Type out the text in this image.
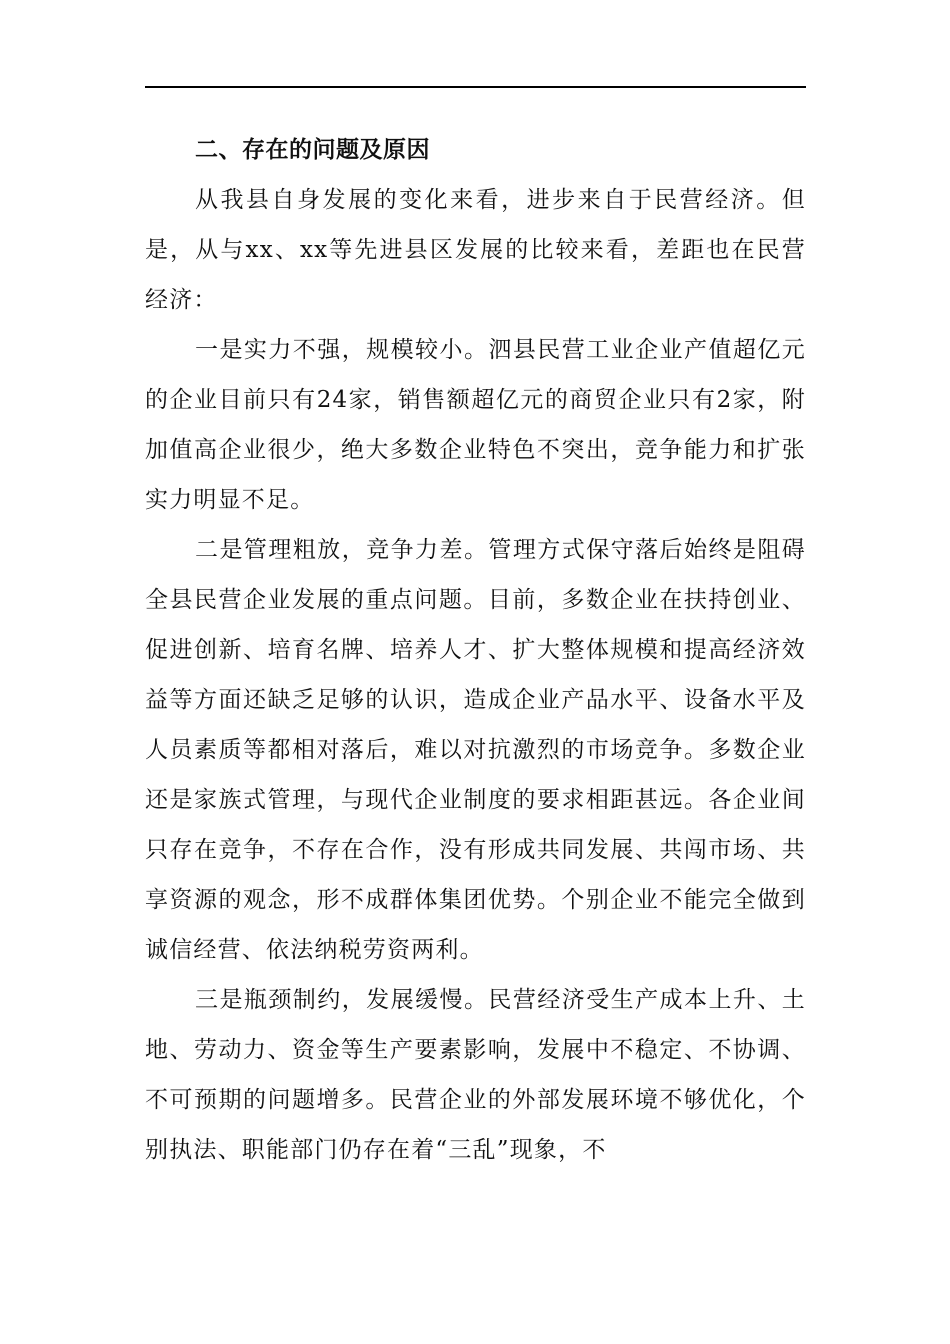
二、存在的问题及原因

从我县自身发展的变化来看，进步来自于民营经济。但是，从与xx、xx等先进县区发展的比较来看，差距也在民营经济：

一是实力不强，规模较小。泗县民营工业企业产值超亿元的企业目前只有24家，销售额超亿元的商贸企业只有2家，附加值高企业很少，绝大多数企业特色不突出，竞争能力和扩张实力明显不足。

二是管理粗放，竞争力差。管理方式保守落后始终是阻碍全县民营企业发展的重点问题。目前，多数企业在扶持创业、促进创新、培育名牌、培养人才、扩大整体规模和提高经济效益等方面还缺乏足够的认识，造成企业产品水平、设备水平及人员素质等都相对落后，难以对抗激烈的市场竞争。多数企业还是家族式管理，与现代企业制度的要求相距甚远。各企业间只存在竞争，不存在合作，没有形成共同发展、共闯市场、共享资源的观念，形不成群体集团优势。个别企业不能完全做到诚信经营、依法纳税劳资两利。

三是瓶颈制约，发展缓慢。民营经济受生产成本上升、土地、劳动力、资金等生产要素影响，发展中不稳定、不协调、不可预期的问题增多。民营企业的外部发展环境不够优化，个别执法、职能部门仍存在着“三乱”现象，不
